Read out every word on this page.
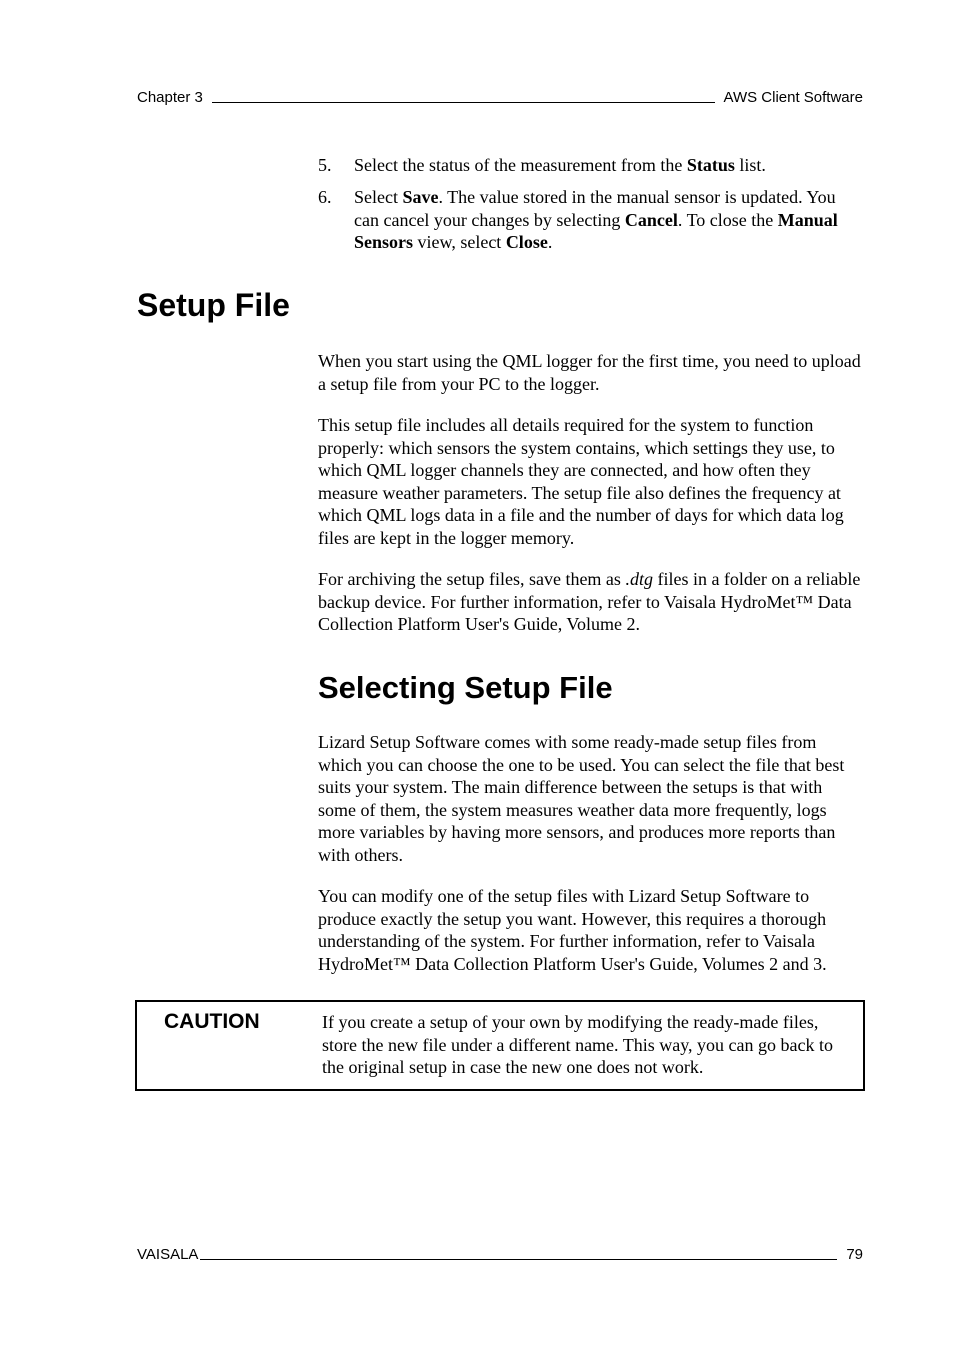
Chapter 3	AWS Client Software
5. Select the status of the measurement from the Status list.
6. Select Save. The value stored in the manual sensor is updated. You can cancel your changes by selecting Cancel. To close the Manual Sensors view, select Close.
Setup File
When you start using the QML logger for the first time, you need to upload a setup file from your PC to the logger.
This setup file includes all details required for the system to function properly: which sensors the system contains, which settings they use, to which QML logger channels they are connected, and how often they measure weather parameters. The setup file also defines the frequency at which QML logs data in a file and the number of days for which data log files are kept in the logger memory.
For archiving the setup files, save them as .dtg files in a folder on a reliable backup device. For further information, refer to Vaisala HydroMet™ Data Collection Platform User's Guide, Volume 2.
Selecting Setup File
Lizard Setup Software comes with some ready-made setup files from which you can choose the one to be used. You can select the file that best suits your system. The main difference between the setups is that with some of them, the system measures weather data more frequently, logs more variables by having more sensors, and produces more reports than with others.
You can modify one of the setup files with Lizard Setup Software to produce exactly the setup you want. However, this requires a thorough understanding of the system. For further information, refer to Vaisala HydroMet™ Data Collection Platform User's Guide, Volumes 2 and 3.
CAUTION	If you create a setup of your own by modifying the ready-made files, store the new file under a different name. This way, you can go back to the original setup in case the new one does not work.
VAISALA	79
